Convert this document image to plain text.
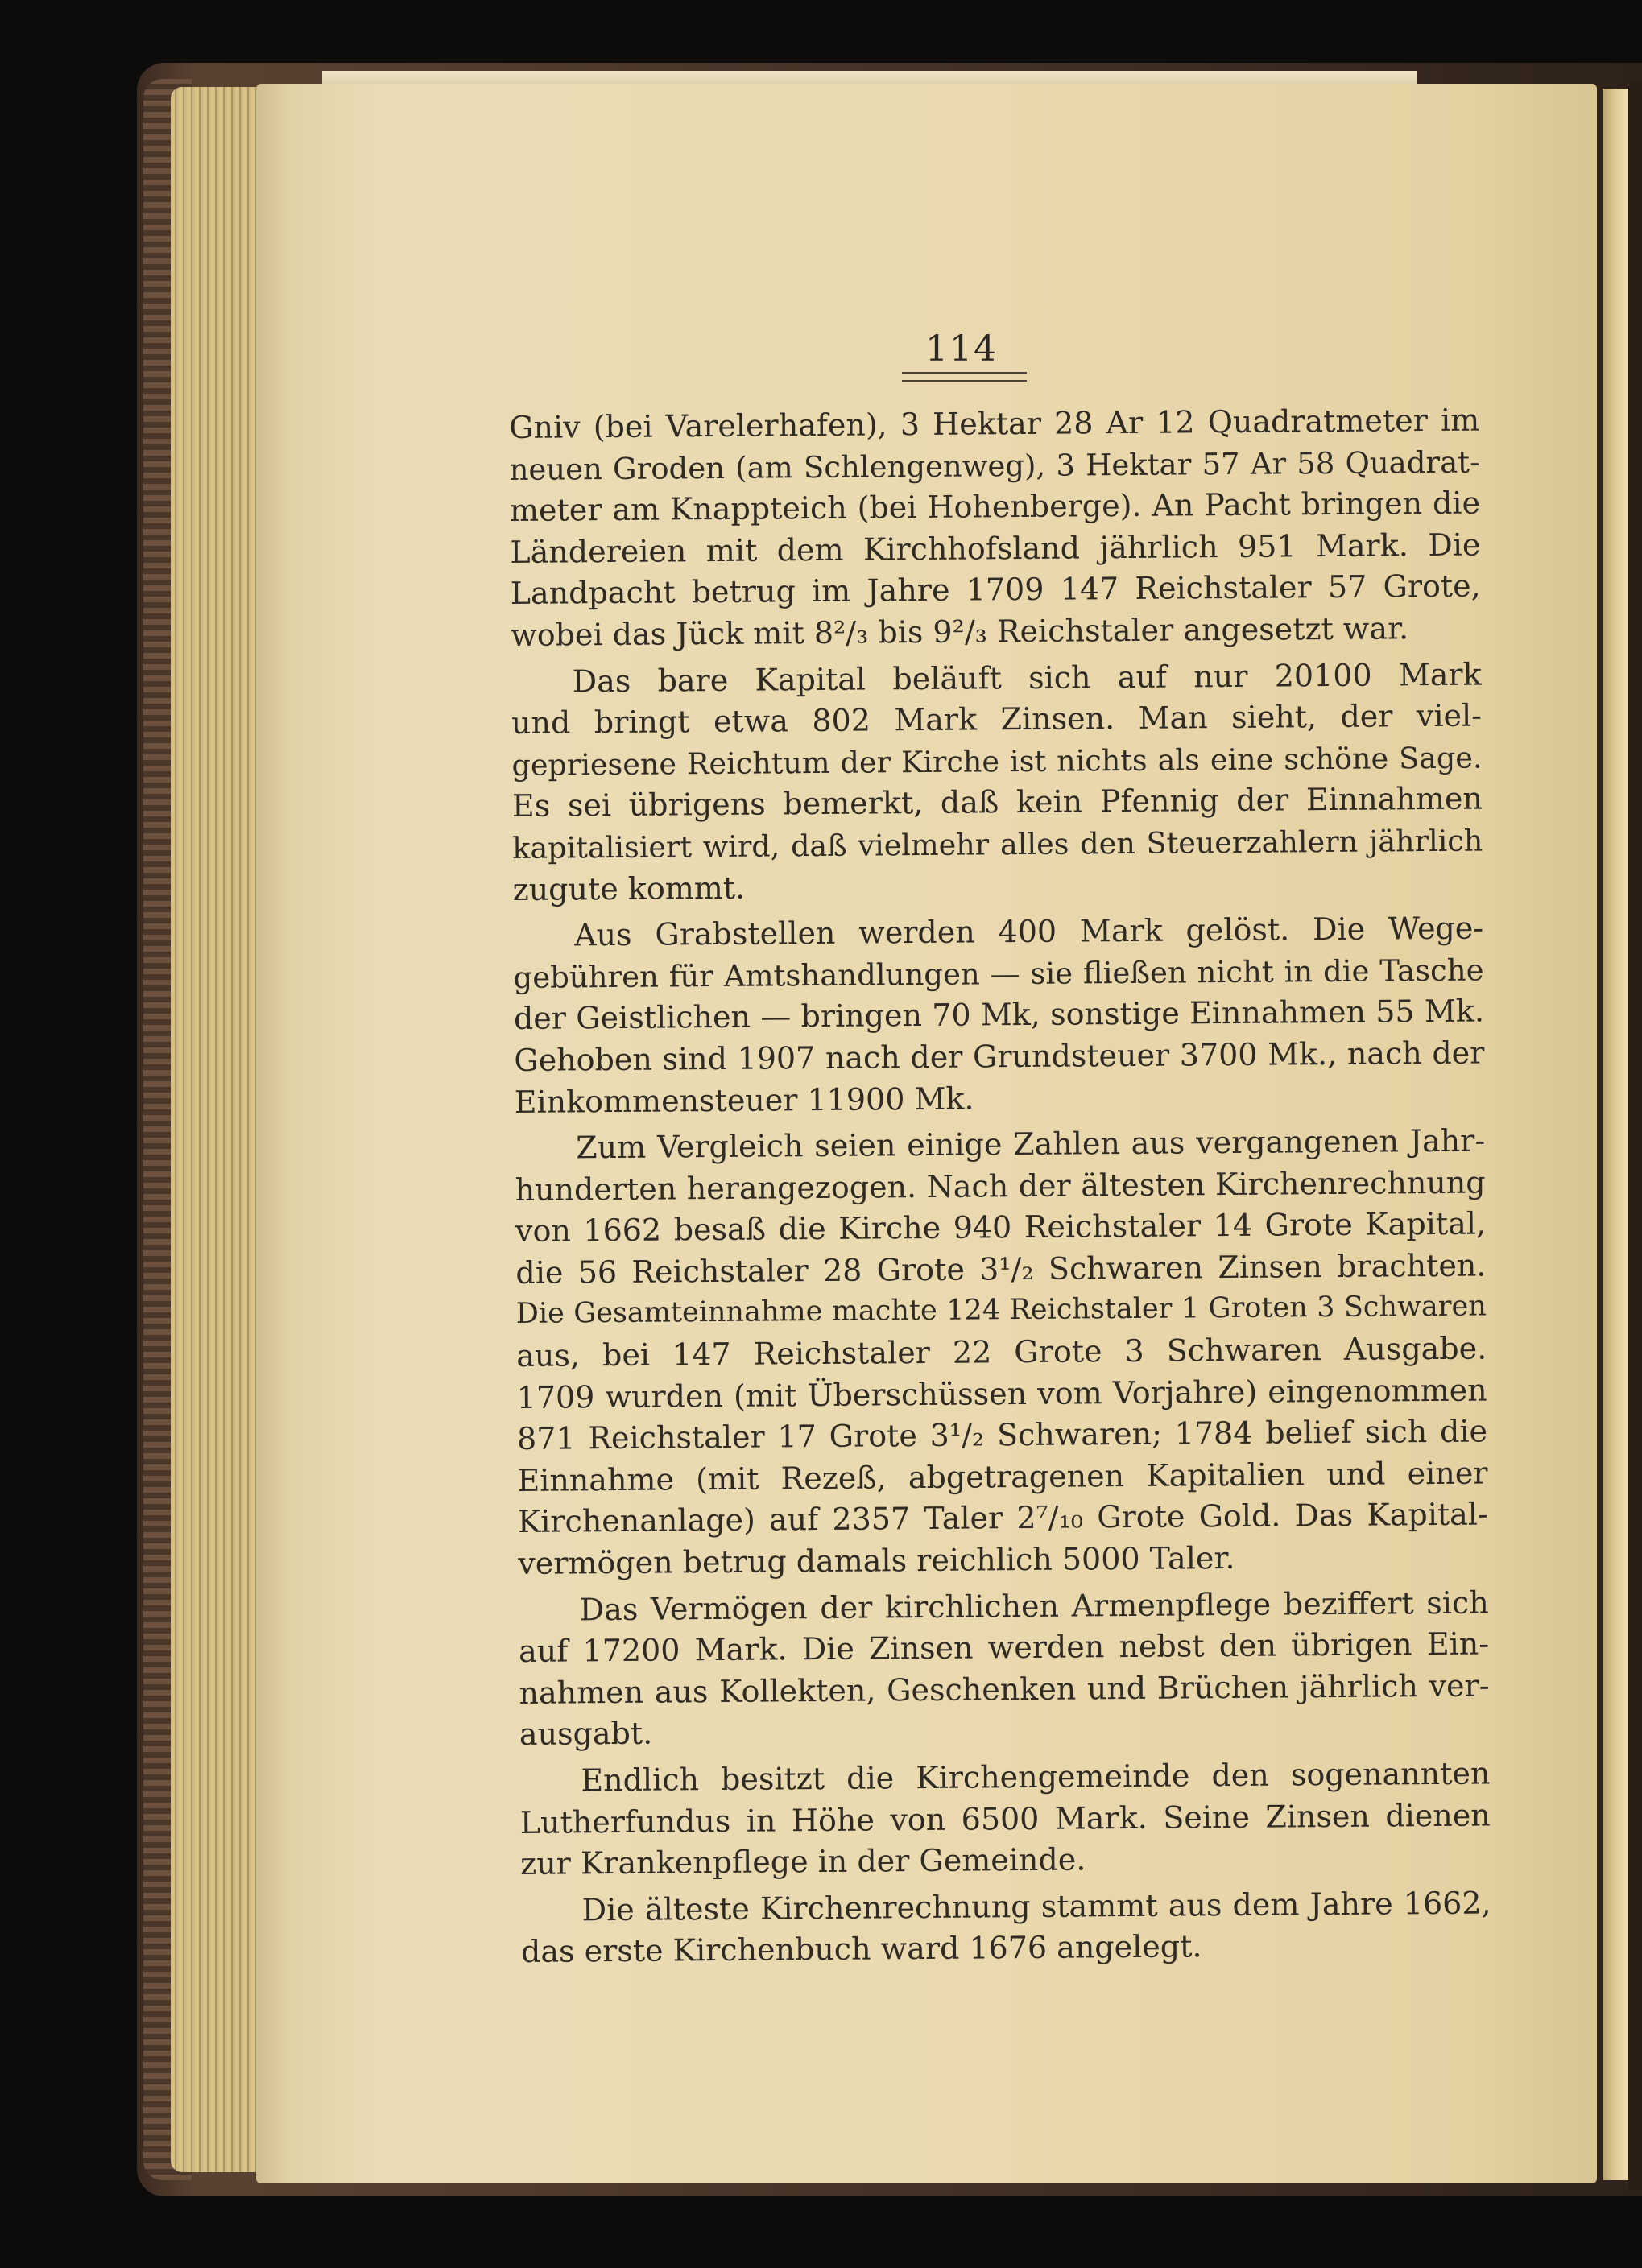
114
Gniv (bei Varelerhafen), 3 Hektar 28 Ar 12 Quadratmeter im
neuen Groden (am Schlengenweg), 3 Hektar 57 Ar 58 Quadrat-
meter am Knappteich (bei Hohenberge). An Pacht bringen die
Ländereien mit dem Kirchhofsland jährlich 951 Mark. Die
Landpacht betrug im Jahre 1709 147 Reichstaler 57 Grote,
wobei das Jück mit 8²/₃ bis 9²/₃ Reichstaler angesetzt war.
Das bare Kapital beläuft sich auf nur 20100 Mark
und bringt etwa 802 Mark Zinsen. Man sieht, der viel-
gepriesene Reichtum der Kirche ist nichts als eine schöne Sage.
Es sei übrigens bemerkt, daß kein Pfennig der Einnahmen
kapitalisiert wird, daß vielmehr alles den Steuerzahlern jährlich
zugute kommt.
Aus Grabstellen werden 400 Mark gelöst. Die Wege-
gebühren für Amtshandlungen — sie fließen nicht in die Tasche
der Geistlichen — bringen 70 Mk, sonstige Einnahmen 55 Mk.
Gehoben sind 1907 nach der Grundsteuer 3700 Mk., nach der
Einkommensteuer 11900 Mk.
Zum Vergleich seien einige Zahlen aus vergangenen Jahr-
hunderten herangezogen. Nach der ältesten Kirchenrechnung
von 1662 besaß die Kirche 940 Reichstaler 14 Grote Kapital,
die 56 Reichstaler 28 Grote 3¹/₂ Schwaren Zinsen brachten.
Die Gesamteinnahme machte 124 Reichstaler 1 Groten 3 Schwaren
aus, bei 147 Reichstaler 22 Grote 3 Schwaren Ausgabe.
1709 wurden (mit Überschüssen vom Vorjahre) eingenommen
871 Reichstaler 17 Grote 3¹/₂ Schwaren; 1784 belief sich die
Einnahme (mit Rezeß, abgetragenen Kapitalien und einer
Kirchenanlage) auf 2357 Taler 2⁷/₁₀ Grote Gold. Das Kapital-
vermögen betrug damals reichlich 5000 Taler.
Das Vermögen der kirchlichen Armenpflege beziffert sich
auf 17200 Mark. Die Zinsen werden nebst den übrigen Ein-
nahmen aus Kollekten, Geschenken und Brüchen jährlich ver-
ausgabt.
Endlich besitzt die Kirchengemeinde den sogenannten
Lutherfundus in Höhe von 6500 Mark. Seine Zinsen dienen
zur Krankenpflege in der Gemeinde.
Die älteste Kirchenrechnung stammt aus dem Jahre 1662,
das erste Kirchenbuch ward 1676 angelegt.
